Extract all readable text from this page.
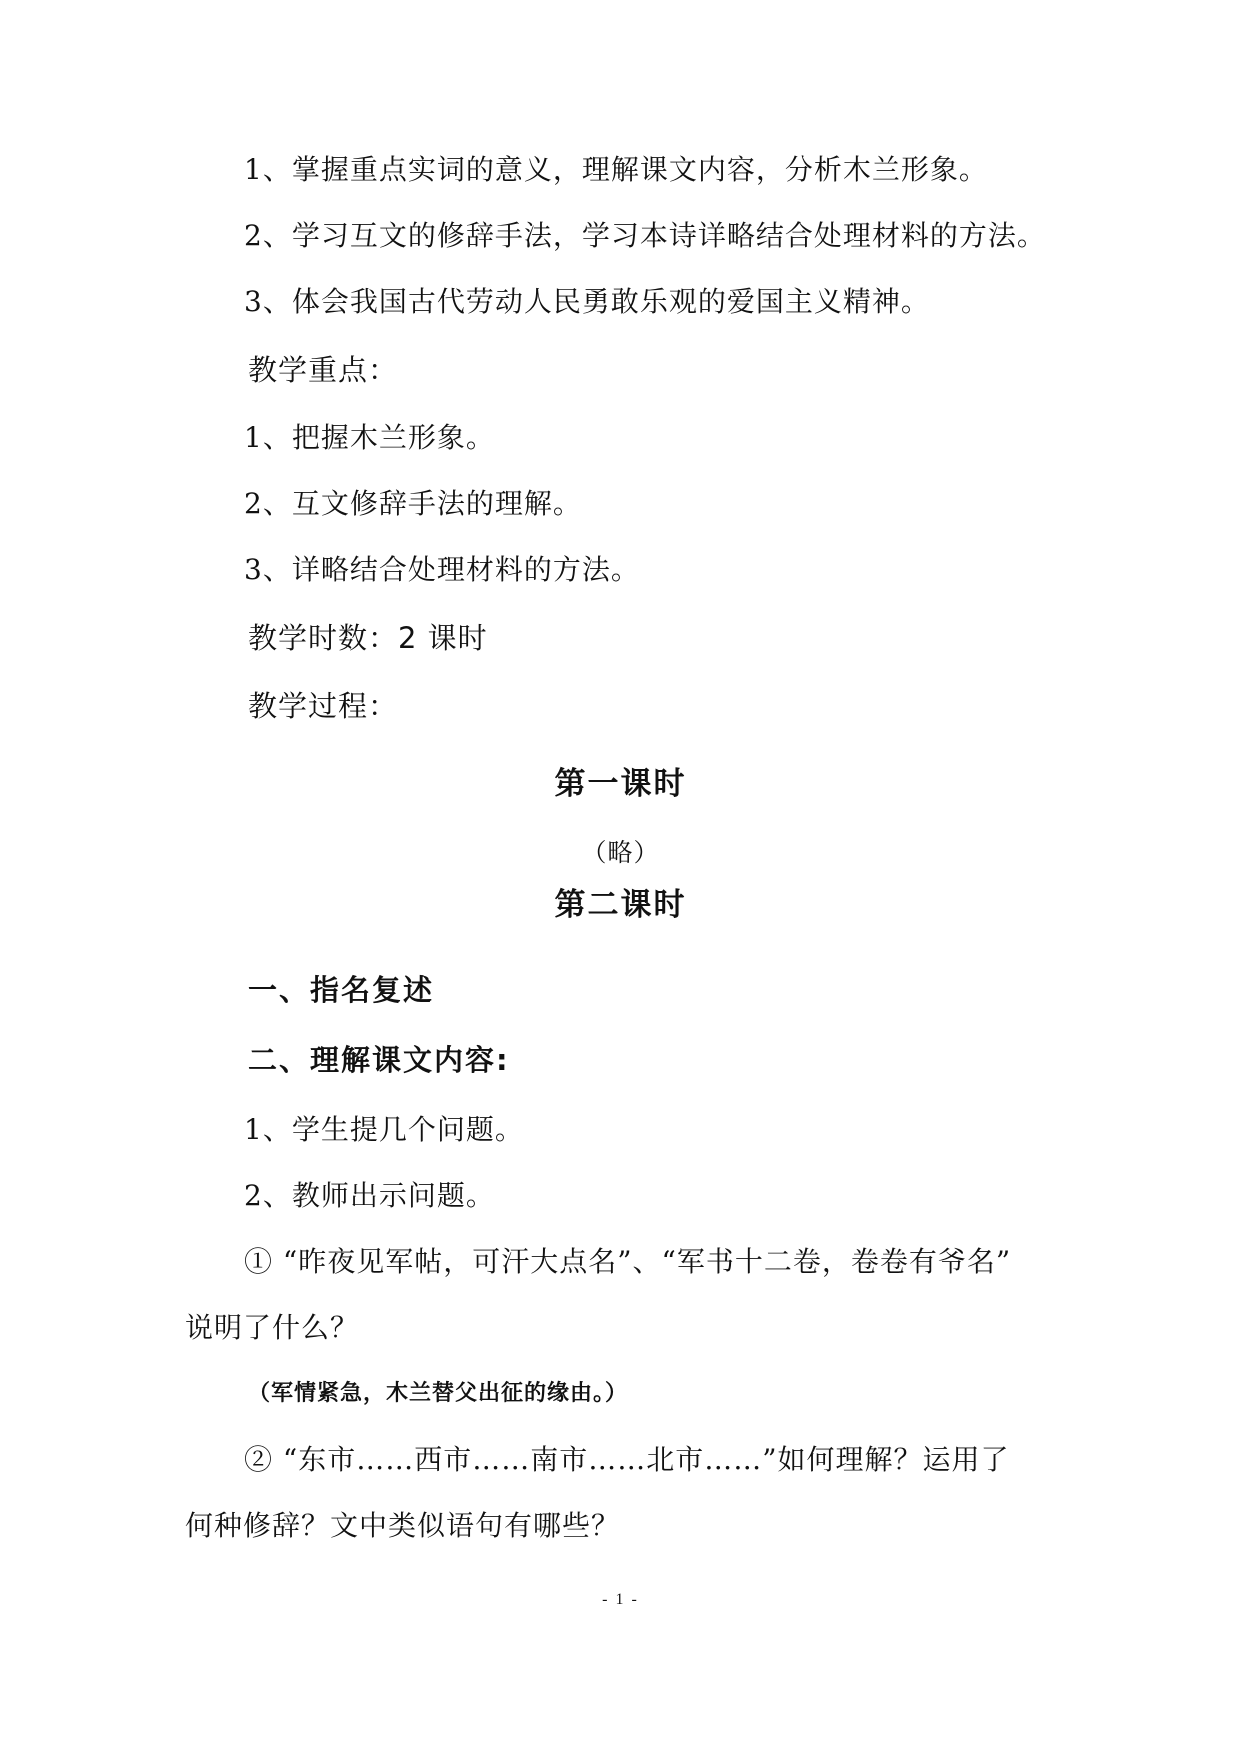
1、掌握重点实词的意义，理解课文内容，分析木兰形象。
2、学习互文的修辞手法，学习本诗详略结合处理材料的方法。
3、体会我国古代劳动人民勇敢乐观的爱国主义精神。
教学重点：
1、把握木兰形象。
2、互文修辞手法的理解。
3、详略结合处理材料的方法。
教学时数：2 课时
教学过程：
第一课时
（略）
第二课时
一、指名复述
二、理解课文内容:
1、学生提几个问题。
2、教师出示问题。
① “昨夜见军帖，可汗大点名”、“军书十二卷，卷卷有爷名”
说明了什么？
（军情紧急，木兰替父出征的缘由。）
② “东市……西市……南市……北市……”如何理解？运用了
何种修辞？文中类似语句有哪些？
- 1 -
